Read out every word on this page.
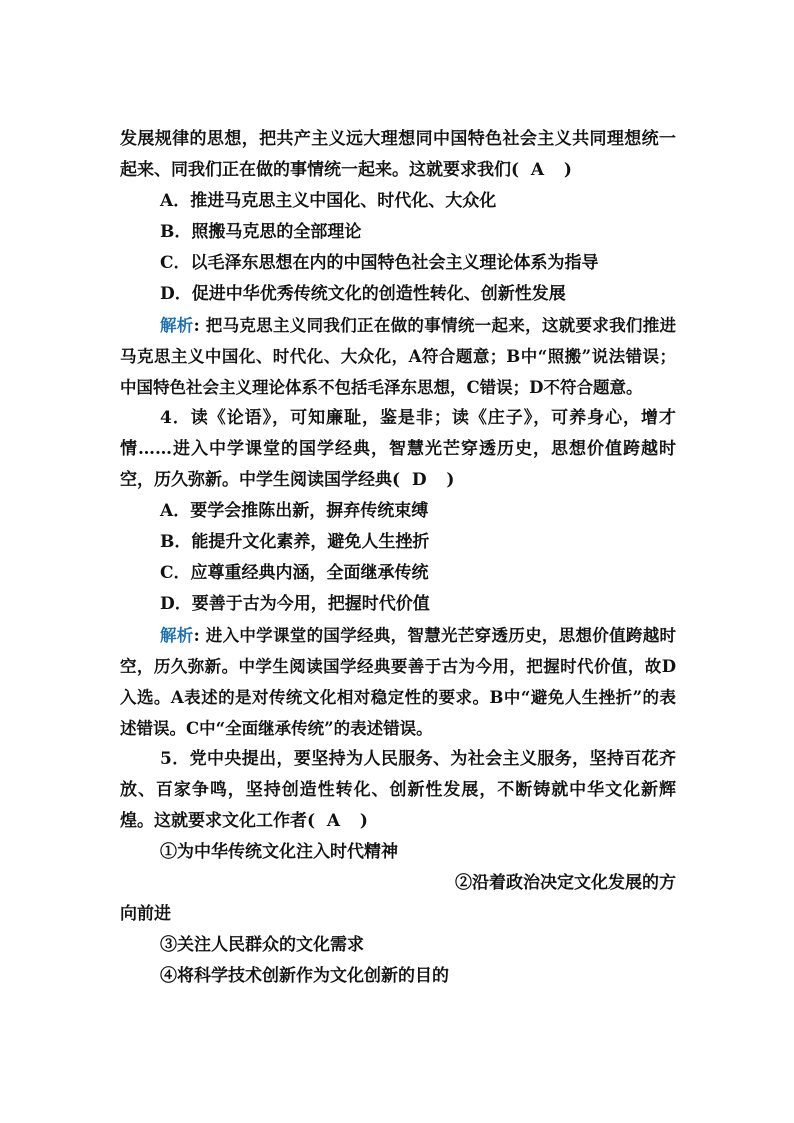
发展规律的思想，把共产主义远大理想同中国特色社会主义共同理想统一起来、同我们正在做的事情统一起来。这就要求我们( A )

A．推进马克思主义中国化、时代化、大众化

B．照搬马克思的全部理论

C．以毛泽东思想在内的中国特色社会主义理论体系为指导

D．促进中华优秀传统文化的创造性转化、创新性发展

解析: 把马克思主义同我们正在做的事情统一起来，这就要求我们推进马克思主义中国化、时代化、大众化，A符合题意；B中“照搬”说法错误；中国特色社会主义理论体系不包括毛泽东思想，C错误；D不符合题意。

4．读《论语》，可知廉耻，鉴是非；读《庄子》，可养身心，增才情……进入中学课堂的国学经典，智慧光芒穿透历史，思想价值跨越时空，历久弥新。中学生阅读国学经典( D )

A．要学会推陈出新，摒弃传统束缚

B．能提升文化素养，避免人生挫折

C．应尊重经典内涵，全面继承传统

D．要善于古为今用，把握时代价值

解析: 进入中学课堂的国学经典，智慧光芒穿透历史，思想价值跨越时空，历久弥新。中学生阅读国学经典要善于古为今用，把握时代价值，故D入选。A表述的是对传统文化相对稳定性的要求。B中“避免人生挫折”的表述错误。C中“全面继承传统”的表述错误。

5．党中央提出，要坚持为人民服务、为社会主义服务，坚持百花齐放、百家争鸣，坚持创造性转化、创新性发展，不断铸就中华文化新辉煌。这就要求文化工作者( A )

①为中华传统文化注入时代精神

②沿着政治决定文化发展的方

向前进

③关注人民群众的文化需求

④将科学技术创新作为文化创新的目的
